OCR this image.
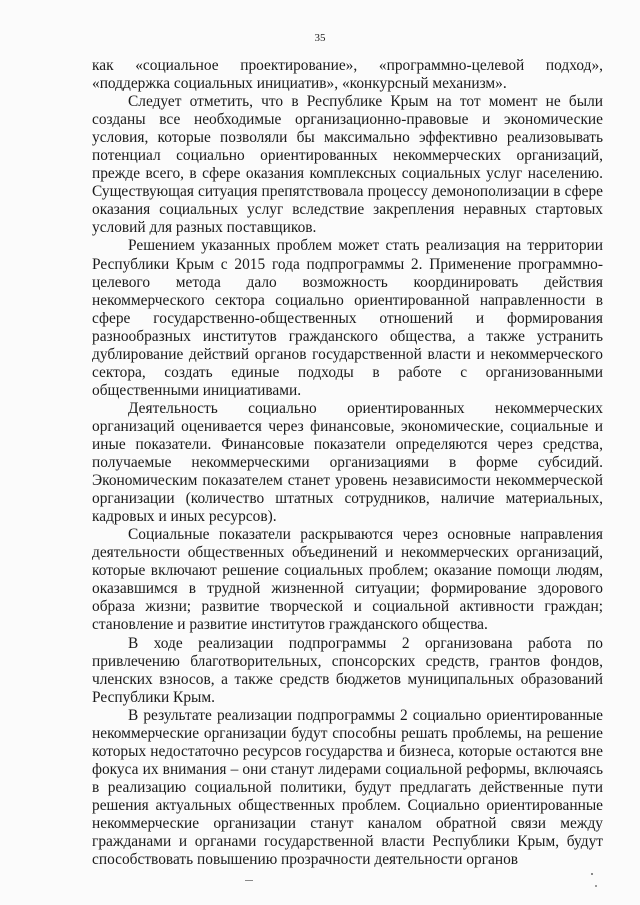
35

как «социальное проектирование», «программно-целевой подход», «поддержка социальных инициатив», «конкурсный механизм».

Следует отметить, что в Республике Крым на тот момент не были созданы все необходимые организационно-правовые и экономические условия, которые позволяли бы максимально эффективно реализовывать потенциал социально ориентированных некоммерческих организаций, прежде всего, в сфере оказания комплексных социальных услуг населению. Существующая ситуация препятствовала процессу демонополизации в сфере оказания социальных услуг вследствие закрепления неравных стартовых условий для разных поставщиков.

Решением указанных проблем может стать реализация на территории Республики Крым с 2015 года подпрограммы 2. Применение программно-целевого метода дало возможность координировать действия некоммерческого сектора социально ориентированной направленности в сфере государственно-общественных отношений и формирования разнообразных институтов гражданского общества, а также устранить дублирование действий органов государственной власти и некоммерческого сектора, создать единые подходы в работе с организованными общественными инициативами.

Деятельность социально ориентированных некоммерческих организаций оценивается через финансовые, экономические, социальные и иные показатели. Финансовые показатели определяются через средства, получаемые некоммерческими организациями в форме субсидий. Экономическим показателем станет уровень независимости некоммерческой организации (количество штатных сотрудников, наличие материальных, кадровых и иных ресурсов).

Социальные показатели раскрываются через основные направления деятельности общественных объединений и некоммерческих организаций, которые включают решение социальных проблем; оказание помощи людям, оказавшимся в трудной жизненной ситуации; формирование здорового образа жизни; развитие творческой и социальной активности граждан; становление и развитие институтов гражданского общества.

В ходе реализации подпрограммы 2 организована работа по привлечению благотворительных, спонсорских средств, грантов фондов, членских взносов, а также средств бюджетов муниципальных образований Республики Крым.

В результате реализации подпрограммы 2 социально ориентированные некоммерческие организации будут способны решать проблемы, на решение которых недостаточно ресурсов государства и бизнеса, которые остаются вне фокуса их внимания – они станут лидерами социальной реформы, включаясь в реализацию социальной политики, будут предлагать действенные пути решения актуальных общественных проблем. Социально ориентированные некоммерческие организации станут каналом обратной связи между гражданами и органами государственной власти Республики Крым, будут способствовать повышению прозрачности деятельности органов
